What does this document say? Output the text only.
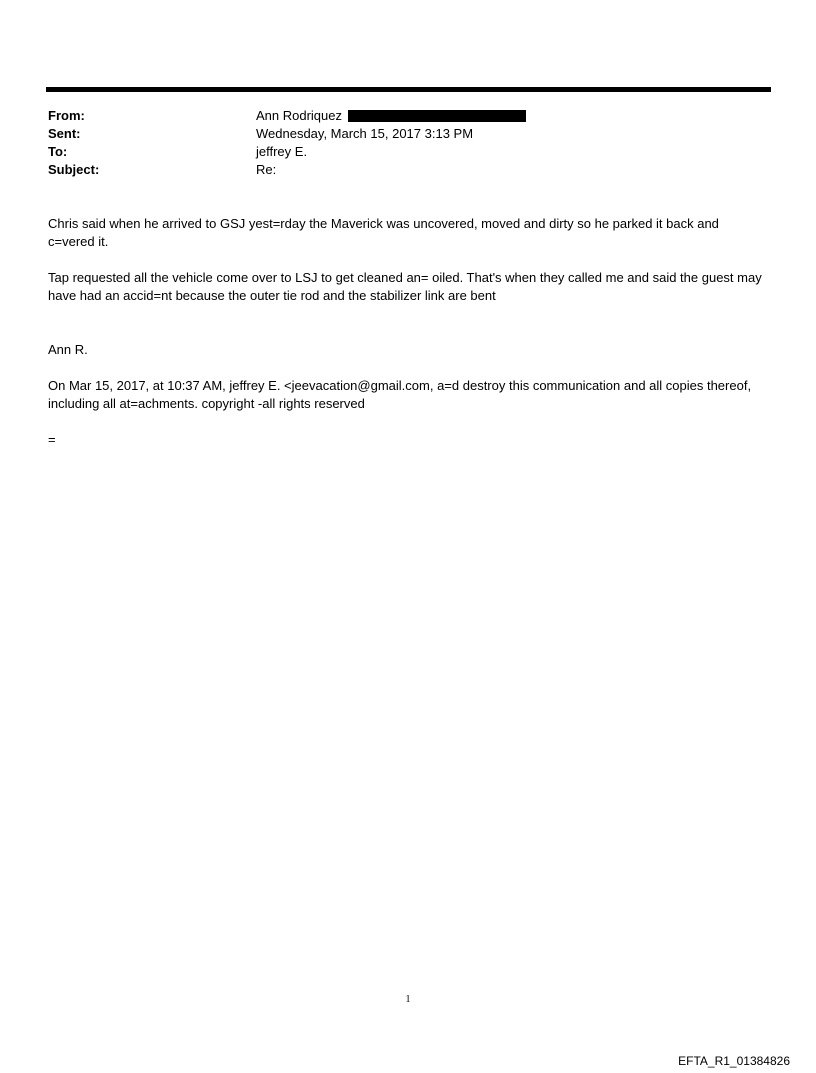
From:	Ann Rodriquez
Sent:	Wednesday, March 15, 2017 3:13 PM
To:	jeffrey E.
Subject:	Re:

Chris said when he arrived to GSJ yest=rday the Maverick was uncovered, moved and dirty so he parked it back and c=vered it.

Tap requested all the vehicle come over to LSJ to get cleaned an= oiled. That's when they called me and said the guest may have had an accid=nt because the outer tie rod and the stabilizer link are bent

Ann R.

On Mar 15, 2017, at 10:37 AM, jeffrey E. <jeevacation@gmail.com, a=d destroy this communication and all copies thereof, including all at=achments. copyright -all rights reserved

=

1
EFTA_R1_01384826
